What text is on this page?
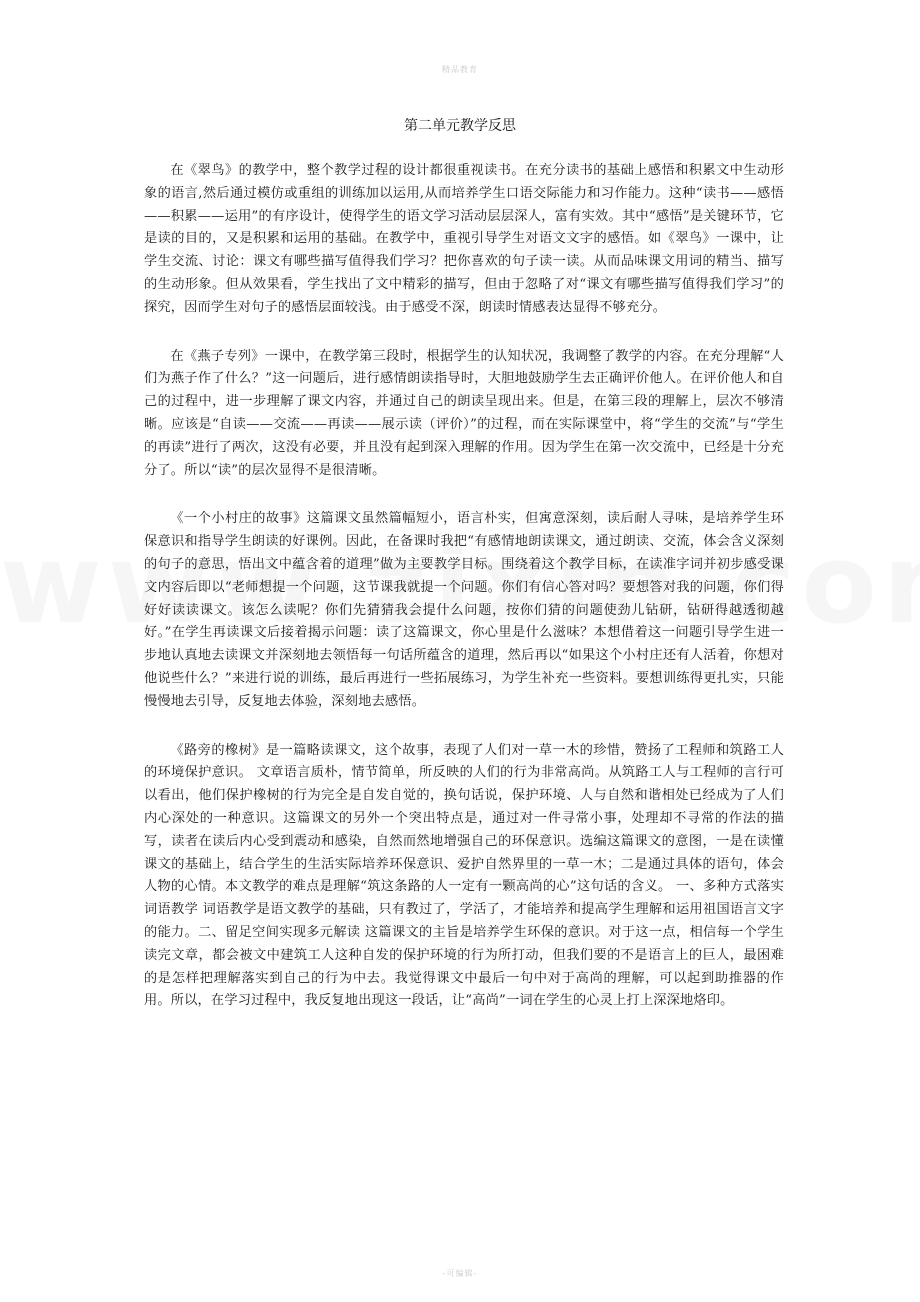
精品教育
第二单元教学反思

在《翠鸟》的教学中，整个教学过程的设计都很重视读书。在充分读书的基础上感悟和积累文中生动形象的语言,然后通过模仿或重组的训练加以运用,从而培养学生口语交际能力和习作能力。这种“读书——感悟——积累——运用”的有序设计，使得学生的语文学习活动层层深人，富有实效。其中“感悟”是关键环节，它是读的目的，又是积累和运用的基础。在教学中，重视引导学生对语文文字的感悟。如《翠鸟》一课中，让学生交流、讨论：课文有哪些描写值得我们学习？把你喜欢的句子读一读。从而品味课文用词的精当、描写的生动形象。但从效果看，学生找出了文中精彩的描写，但由于忽略了对“课文有哪些描写值得我们学习”的探究，因而学生对句子的感悟层面较浅。由于感受不深，朗读时情感表达显得不够充分。

在《燕子专列》一课中，在教学第三段时，根据学生的认知状况，我调整了教学的内容。在充分理解“人们为燕子作了什么？”这一问题后，进行感情朗读指导时，大胆地鼓励学生去正确评价他人。在评价他人和自己的过程中，进一步理解了课文内容，并通过自己的朗读呈现出来。但是，在第三段的理解上，层次不够清晰。应该是“自读——交流——再读——展示读（评价）”的过程，而在实际课堂中，将“学生的交流”与“学生的再读”进行了两次，这没有必要，并且没有起到深入理解的作用。因为学生在第一次交流中，已经是十分充分了。所以“读”的层次显得不是很清晰。

《一个小村庄的故事》这篇课文虽然篇幅短小，语言朴实，但寓意深刻，读后耐人寻味，是培养学生环保意识和指导学生朗读的好课例。因此，在备课时我把“有感情地朗读课文，通过朗读、交流，体会含义深刻的句子的意思，悟出文中蕴含着的道理”做为主要教学目标。围绕着这个教学目标，在读准字词并初步感受课文内容后即以“老师想提一个问题，这节课我就提一个问题。你们有信心答对吗？要想答对我的问题，你们得好好读读课文。该怎么读呢？你们先猜猜我会提什么问题，按你们猜的问题使劲儿钻研，钻研得越透彻越好。”在学生再读课文后接着揭示问题：读了这篇课文，你心里是什么滋味？本想借着这一问题引导学生进一步地认真地去读课文并深刻地去领悟每一句话所蕴含的道理，然后再以“如果这个小村庄还有人活着，你想对他说些什么？”来进行说的训练，最后再进行一些拓展练习，为学生补充一些资料。要想训练得更扎实，只能慢慢地去引导，反复地去体验，深刻地去感悟。

《路旁的橡树》是一篇略读课文，这个故事，表现了人们对一草一木的珍惜，赞扬了工程师和筑路工人的环境保护意识。 文章语言质朴，情节简单，所反映的人们的行为非常高尚。从筑路工人与工程师的言行可以看出，他们保护橡树的行为完全是自发自觉的，换句话说，保护环境、人与自然和谐相处已经成为了人们内心深处的一种意识。这篇课文的另外一个突出特点是，通过对一件寻常小事，处理却不寻常的作法的描写，读者在读后内心受到震动和感染，自然而然地增强自己的环保意识。选编这篇课文的意图，一是在读懂课文的基础上，结合学生的生活实际培养环保意识、爱护自然界里的一草一木；二是通过具体的语句，体会人物的心情。本文教学的难点是理解“筑这条路的人一定有一颗高尚的心”这句话的含义。 一、多种方式落实词语教学 词语教学是语文教学的基础，只有教过了，学活了，才能培养和提高学生理解和运用祖国语言文字的能力。二、留足空间实现多元解读 这篇课文的主旨是培养学生环保的意识。对于这一点，相信每一个学生读完文章，都会被文中建筑工人这种自发的保护环境的行为所打动，但我们要的不是语言上的巨人，最困难的是怎样把理解落实到自己的行为中去。我觉得课文中最后一句中对于高尚的理解，可以起到助推器的作用。所以，在学习过程中，我反复地出现这一段话，让“高尚”一词在学生的心灵上打上深深地烙印。

-可编辑-
